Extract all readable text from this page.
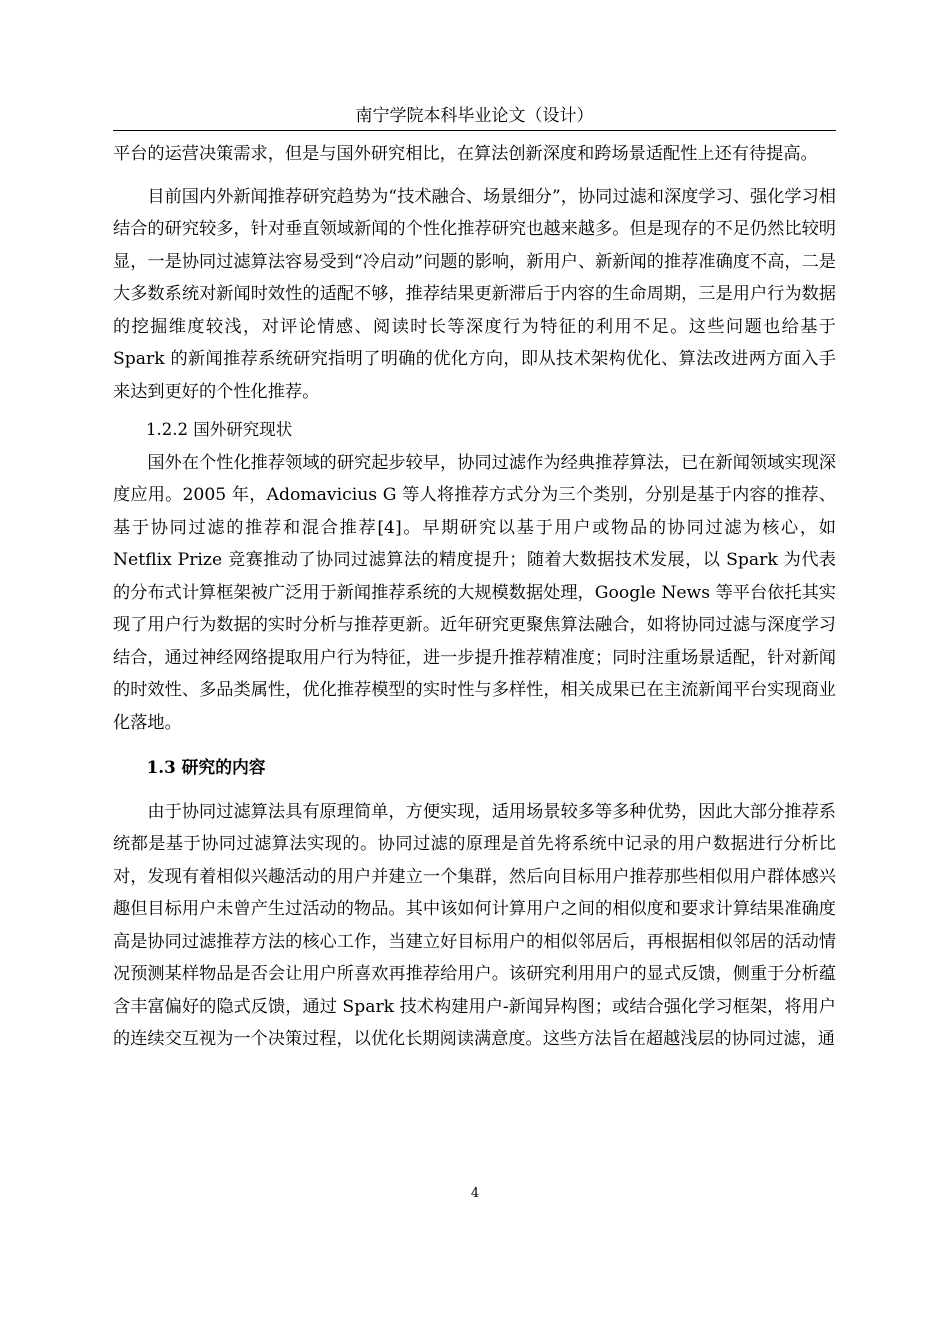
南宁学院本科毕业论文（设计）

平台的运营决策需求，但是与国外研究相比，在算法创新深度和跨场景适配性上还有待提高。

目前国内外新闻推荐研究趋势为“技术融合、场景细分”，协同过滤和深度学习、强化学习相结合的研究较多，针对垂直领域新闻的个性化推荐研究也越来越多。但是现存的不足仍然比较明显，一是协同过滤算法容易受到“冷启动”问题的影响，新用户、新新闻的推荐准确度不高，二是大多数系统对新闻时效性的适配不够，推荐结果更新滞后于内容的生命周期，三是用户行为数据的挖掘维度较浅，对评论情感、阅读时长等深度行为特征的利用不足。这些问题也给基于 Spark 的新闻推荐系统研究指明了明确的优化方向，即从技术架构优化、算法改进两方面入手来达到更好的个性化推荐。

1.2.2 国外研究现状

国外在个性化推荐领域的研究起步较早，协同过滤作为经典推荐算法，已在新闻领域实现深度应用。2005 年，Adomavicius G 等人将推荐方式分为三个类别，分别是基于内容的推荐、基于协同过滤的推荐和混合推荐[4]。早期研究以基于用户或物品的协同过滤为核心，如 Netflix Prize 竞赛推动了协同过滤算法的精度提升；随着大数据技术发展，以 Spark 为代表的分布式计算框架被广泛用于新闻推荐系统的大规模数据处理，Google News 等平台依托其实现了用户行为数据的实时分析与推荐更新。近年研究更聚焦算法融合，如将协同过滤与深度学习结合，通过神经网络提取用户行为特征，进一步提升推荐精准度；同时注重场景适配，针对新闻的时效性、多品类属性，优化推荐模型的实时性与多样性，相关成果已在主流新闻平台实现商业化落地。

1.3 研究的内容

由于协同过滤算法具有原理简单，方便实现，适用场景较多等多种优势，因此大部分推荐系统都是基于协同过滤算法实现的。协同过滤的原理是首先将系统中记录的用户数据进行分析比对，发现有着相似兴趣活动的用户并建立一个集群，然后向目标用户推荐那些相似用户群体感兴趣但目标用户未曾产生过活动的物品。其中该如何计算用户之间的相似度和要求计算结果准确度高是协同过滤推荐方法的核心工作，当建立好目标用户的相似邻居后，再根据相似邻居的活动情况预测某样物品是否会让用户所喜欢再推荐给用户。该研究利用用户的显式反馈，侧重于分析蕴含丰富偏好的隐式反馈，通过 Spark 技术构建用户-新闻异构图；或结合强化学习框架，将用户的连续交互视为一个决策过程，以优化长期阅读满意度。这些方法旨在超越浅层的协同过滤，通

4
